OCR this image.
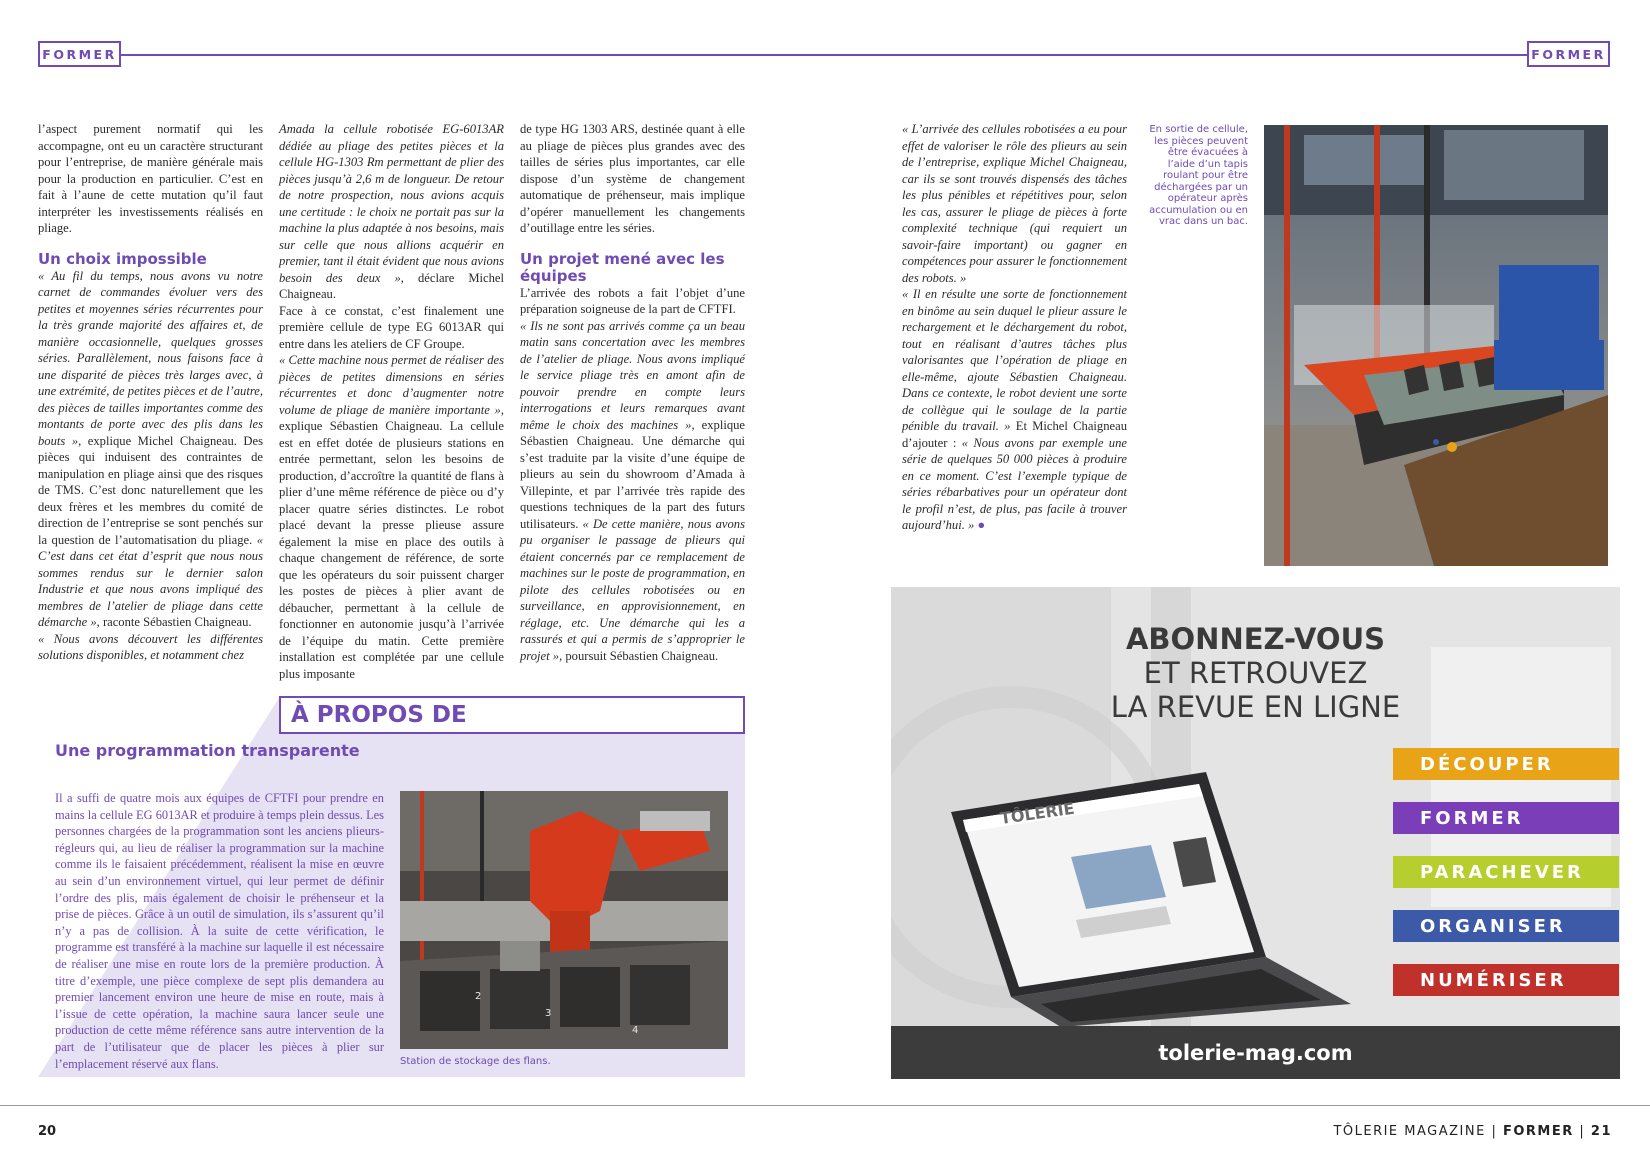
FORMER	FORMER

l’aspect purement normatif qui les accompagne, ont eu un caractère structurant pour l’entreprise, de manière générale mais pour la production en particulier. C’est en fait à l’aune de cette mutation qu’il faut interpréter les investissements réalisés en pliage.

Un choix impossible

« Au fil du temps, nous avons vu notre carnet de commandes évoluer vers des petites et moyennes séries récurrentes pour la très grande majorité des affaires et, de manière occasionnelle, quelques grosses séries. Parallèlement, nous faisons face à une disparité de pièces très larges avec, à une extrémité, de petites pièces et de l’autre, des pièces de tailles importantes comme des montants de porte avec des plis dans les bouts », explique Michel Chaigneau. Des pièces qui induisent des contraintes de manipulation en pliage ainsi que des risques de TMS. C’est donc naturellement que les deux frères et les membres du comité de direction de l’entreprise se sont penchés sur la question de l’automatisation du pliage. « C’est dans cet état d’esprit que nous nous sommes rendus sur le dernier salon Industrie et que nous avons impliqué des membres de l’atelier de pliage dans cette démarche », raconte Sébastien Chaigneau.

« Nous avons découvert les différentes solutions disponibles, et notamment chez

Amada la cellule robotisée EG-6013AR dédiée au pliage des petites pièces et la cellule HG-1303 Rm permettant de plier des pièces jusqu’à 2,6 m de longueur. De retour de notre prospection, nous avions acquis une certitude : le choix ne portait pas sur la machine la plus adaptée à nos besoins, mais sur celle que nous allions acquérir en premier, tant il était évident que nous avions besoin des deux », déclare Michel Chaigneau.

Face à ce constat, c’est finalement une première cellule de type EG 6013AR qui entre dans les ateliers de CF Groupe.

« Cette machine nous permet de réaliser des pièces de petites dimensions en séries récurrentes et donc d’augmenter notre volume de pliage de manière importante », explique Sébastien Chaigneau. La cellule est en effet dotée de plusieurs stations en entrée permettant, selon les besoins de production, d’accroître la quantité de flans à plier d’une même référence de pièce ou d’y placer quatre séries distinctes. Le robot placé devant la presse plieuse assure également la mise en place des outils à chaque changement de référence, de sorte que les opérateurs du soir puissent charger les postes de pièces à plier avant de débaucher, permettant à la cellule de fonctionner en autonomie jusqu’à l’arrivée de l’équipe du matin. Cette première installation est complétée par une cellule plus imposante

de type HG 1303 ARS, destinée quant à elle au pliage de pièces plus grandes avec des tailles de séries plus importantes, car elle dispose d’un système de changement automatique de préhenseur, mais implique d’opérer manuellement les changements d’outillage entre les séries.

Un projet mené avec les équipes

L’arrivée des robots a fait l’objet d’une préparation soigneuse de la part de CFTFI.

« Ils ne sont pas arrivés comme ça un beau matin sans concertation avec les membres de l’atelier de pliage. Nous avons impliqué le service pliage très en amont afin de pouvoir prendre en compte leurs interrogations et leurs remarques avant même le choix des machines », explique Sébastien Chaigneau. Une démarche qui s’est traduite par la visite d’une équipe de plieurs au sein du showroom d’Amada à Villepinte, et par l’arrivée très rapide des questions techniques de la part des futurs utilisateurs. « De cette manière, nous avons pu organiser le passage de plieurs qui étaient concernés par ce remplacement de machines sur le poste de programmation, en pilote des cellules robotisées ou en surveillance, en approvisionnement, en réglage, etc. Une démarche qui les a rassurés et qui a permis de s’approprier le projet », poursuit Sébastien Chaigneau.

« L’arrivée des cellules robotisées a eu pour effet de valoriser le rôle des plieurs au sein de l’entreprise, explique Michel Chaigneau, car ils se sont trouvés dispensés des tâches les plus pénibles et répétitives pour, selon les cas, assurer le pliage de pièces à forte complexité technique (qui requiert un savoir-faire important) ou gagner en compétences pour assurer le fonctionnement des robots. »

« Il en résulte une sorte de fonctionnement en binôme au sein duquel le plieur assure le rechargement et le déchargement du robot, tout en réalisant d’autres tâches plus valorisantes que l’opération de pliage en elle-même, ajoute Sébastien Chaigneau. Dans ce contexte, le robot devient une sorte de collègue qui le soulage de la partie pénible du travail. » Et Michel Chaigneau d’ajouter : « Nous avons par exemple une série de quelques 50 000 pièces à produire en ce moment. C’est l’exemple typique de séries rébarbatives pour un opérateur dont le profil n’est, de plus, pas facile à trouver aujourd’hui. » ●

En sortie de cellule, les pièces peuvent être évacuées à l’aide d’un tapis roulant pour être déchargées par un opérateur après accumulation ou en vrac dans un bac.
À PROPOS DE
Une programmation transparente
Il a suffi de quatre mois aux équipes de CFTFI pour prendre en mains la cellule EG 6013AR et produire à temps plein dessus. Les personnes chargées de la programmation sont les anciens plieurs-régleurs qui, au lieu de réaliser la programmation sur la machine comme ils le faisaient précédemment, réalisent la mise en œuvre au sein d’un environnement virtuel, qui leur permet de définir l’ordre des plis, mais également de choisir le préhenseur et la prise de pièces. Grâce à un outil de simulation, ils s’assurent qu’il n’y a pas de collision. À la suite de cette vérification, le programme est transféré à la machine sur laquelle il est nécessaire de réaliser une mise en route lors de la première production. À titre d’exemple, une pièce complexe de sept plis demandera au premier lancement environ une heure de mise en route, mais à l’issue de cette opération, la machine saura lancer seule une production de cette même référence sans autre intervention de la part de l’utilisateur que de placer les pièces à plier sur l’emplacement réservé aux flans.
2
3
4
Station de stockage des flans.
ABONNEZ-VOUS
ET RETROUVEZ
LA REVUE EN LIGNE
TÔLERIE
DÉCOUPER
FORMER
PARACHEVER
ORGANISER
NUMÉRISER
tolerie-mag.com
20	TÔLERIE MAGAZINE | FORMER | 21
